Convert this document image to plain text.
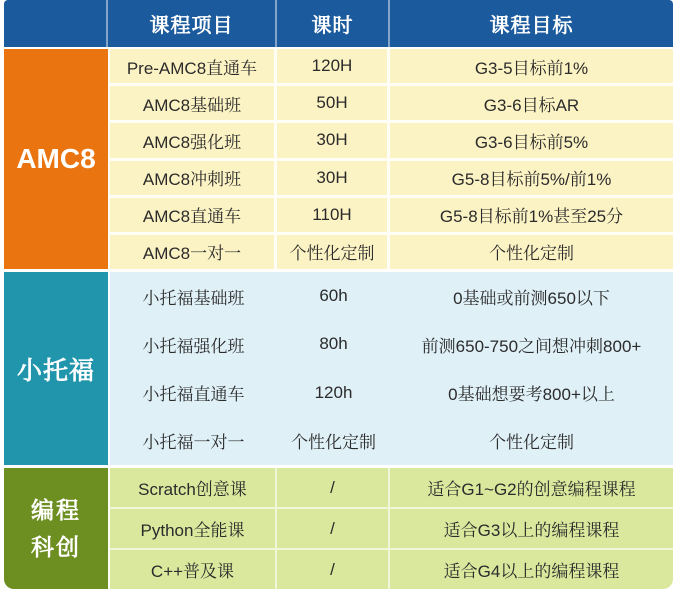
课程项目	课时	课程目标
AMC8
Pre-AMC8直通车	120H	G3-5目标前1%
AMC8基础班	50H	G3-6目标AR
AMC8强化班	30H	G3-6目标前5%
AMC8冲刺班	30H	G5-8目标前5%/前1%
AMC8直通车	110H	G5-8目标前1%甚至25分
AMC8一对一	个性化定制	个性化定制
小托福
小托福基础班	60h	0基础或前测650以下
小托福强化班	80h	前测650-750之间想冲刺800+
小托福直通车	120h	0基础想要考800+以上
小托福一对一	个性化定制	个性化定制
编程
科创
Scratch创意课	/	适合G1~G2的创意编程课程
Python全能课	/	适合G3以上的编程课程
C++普及课	/	适合G4以上的编程课程
